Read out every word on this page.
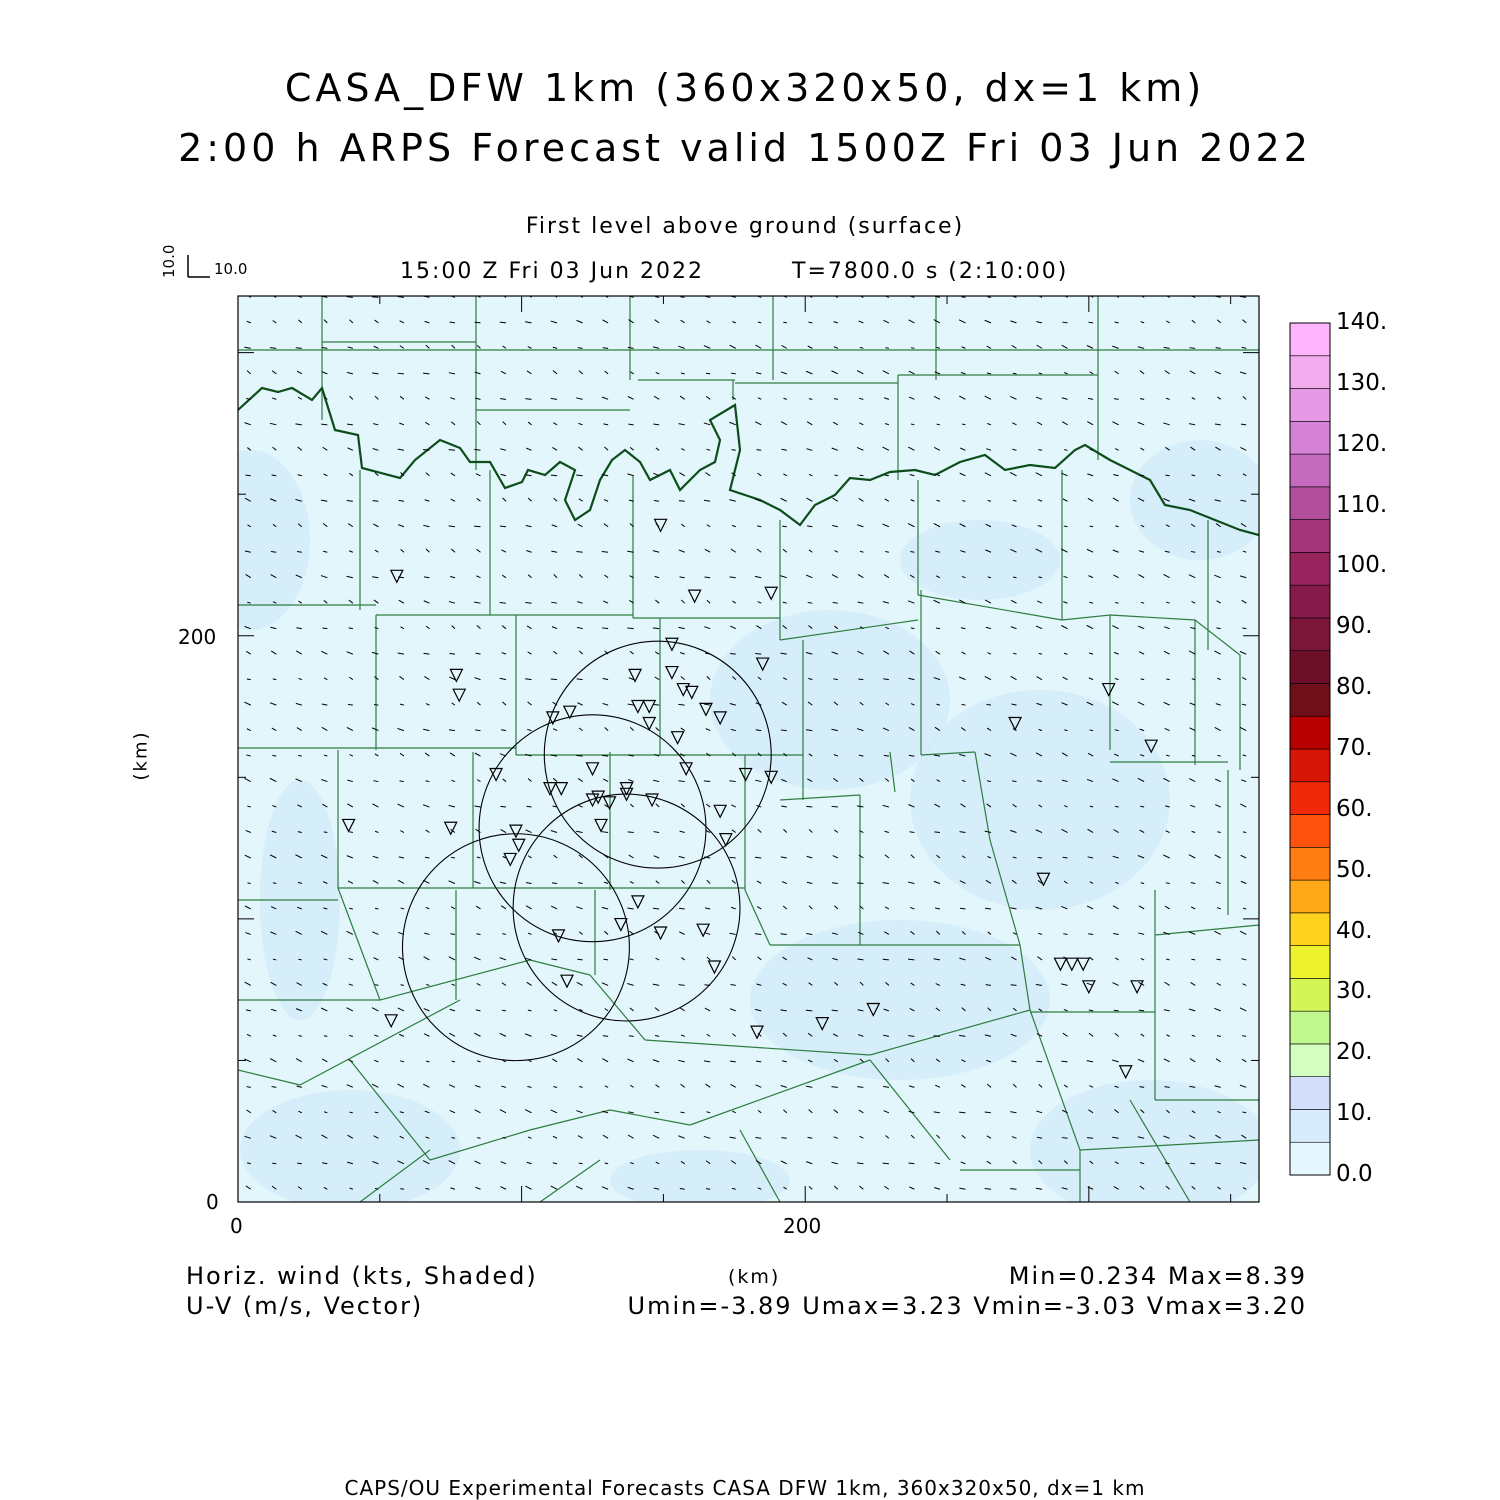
CASA_DFW 1km (360x320x50, dx=1 km)
2:00 h ARPS Forecast valid 1500Z Fri 03 Jun 2022
First level above ground (surface)
15:00 Z Fri 03 Jun 2022	T=7800.0 s (2:10:00)
10.0
10.0
(km)
200
0
0	200
(km)
Horiz. wind (kts, Shaded)
U-V (m/s, Vector)
Min=0.234 Max=8.39
Umin=-3.89 Umax=3.23 Vmin=-3.03 Vmax=3.20
CAPS/OU Experimental Forecasts CASA DFW 1km, 360x320x50, dx=1 km
0.0
10.
20.
30.
40.
50.
60.
70.
80.
90.
100.
110.
120.
130.
140.
